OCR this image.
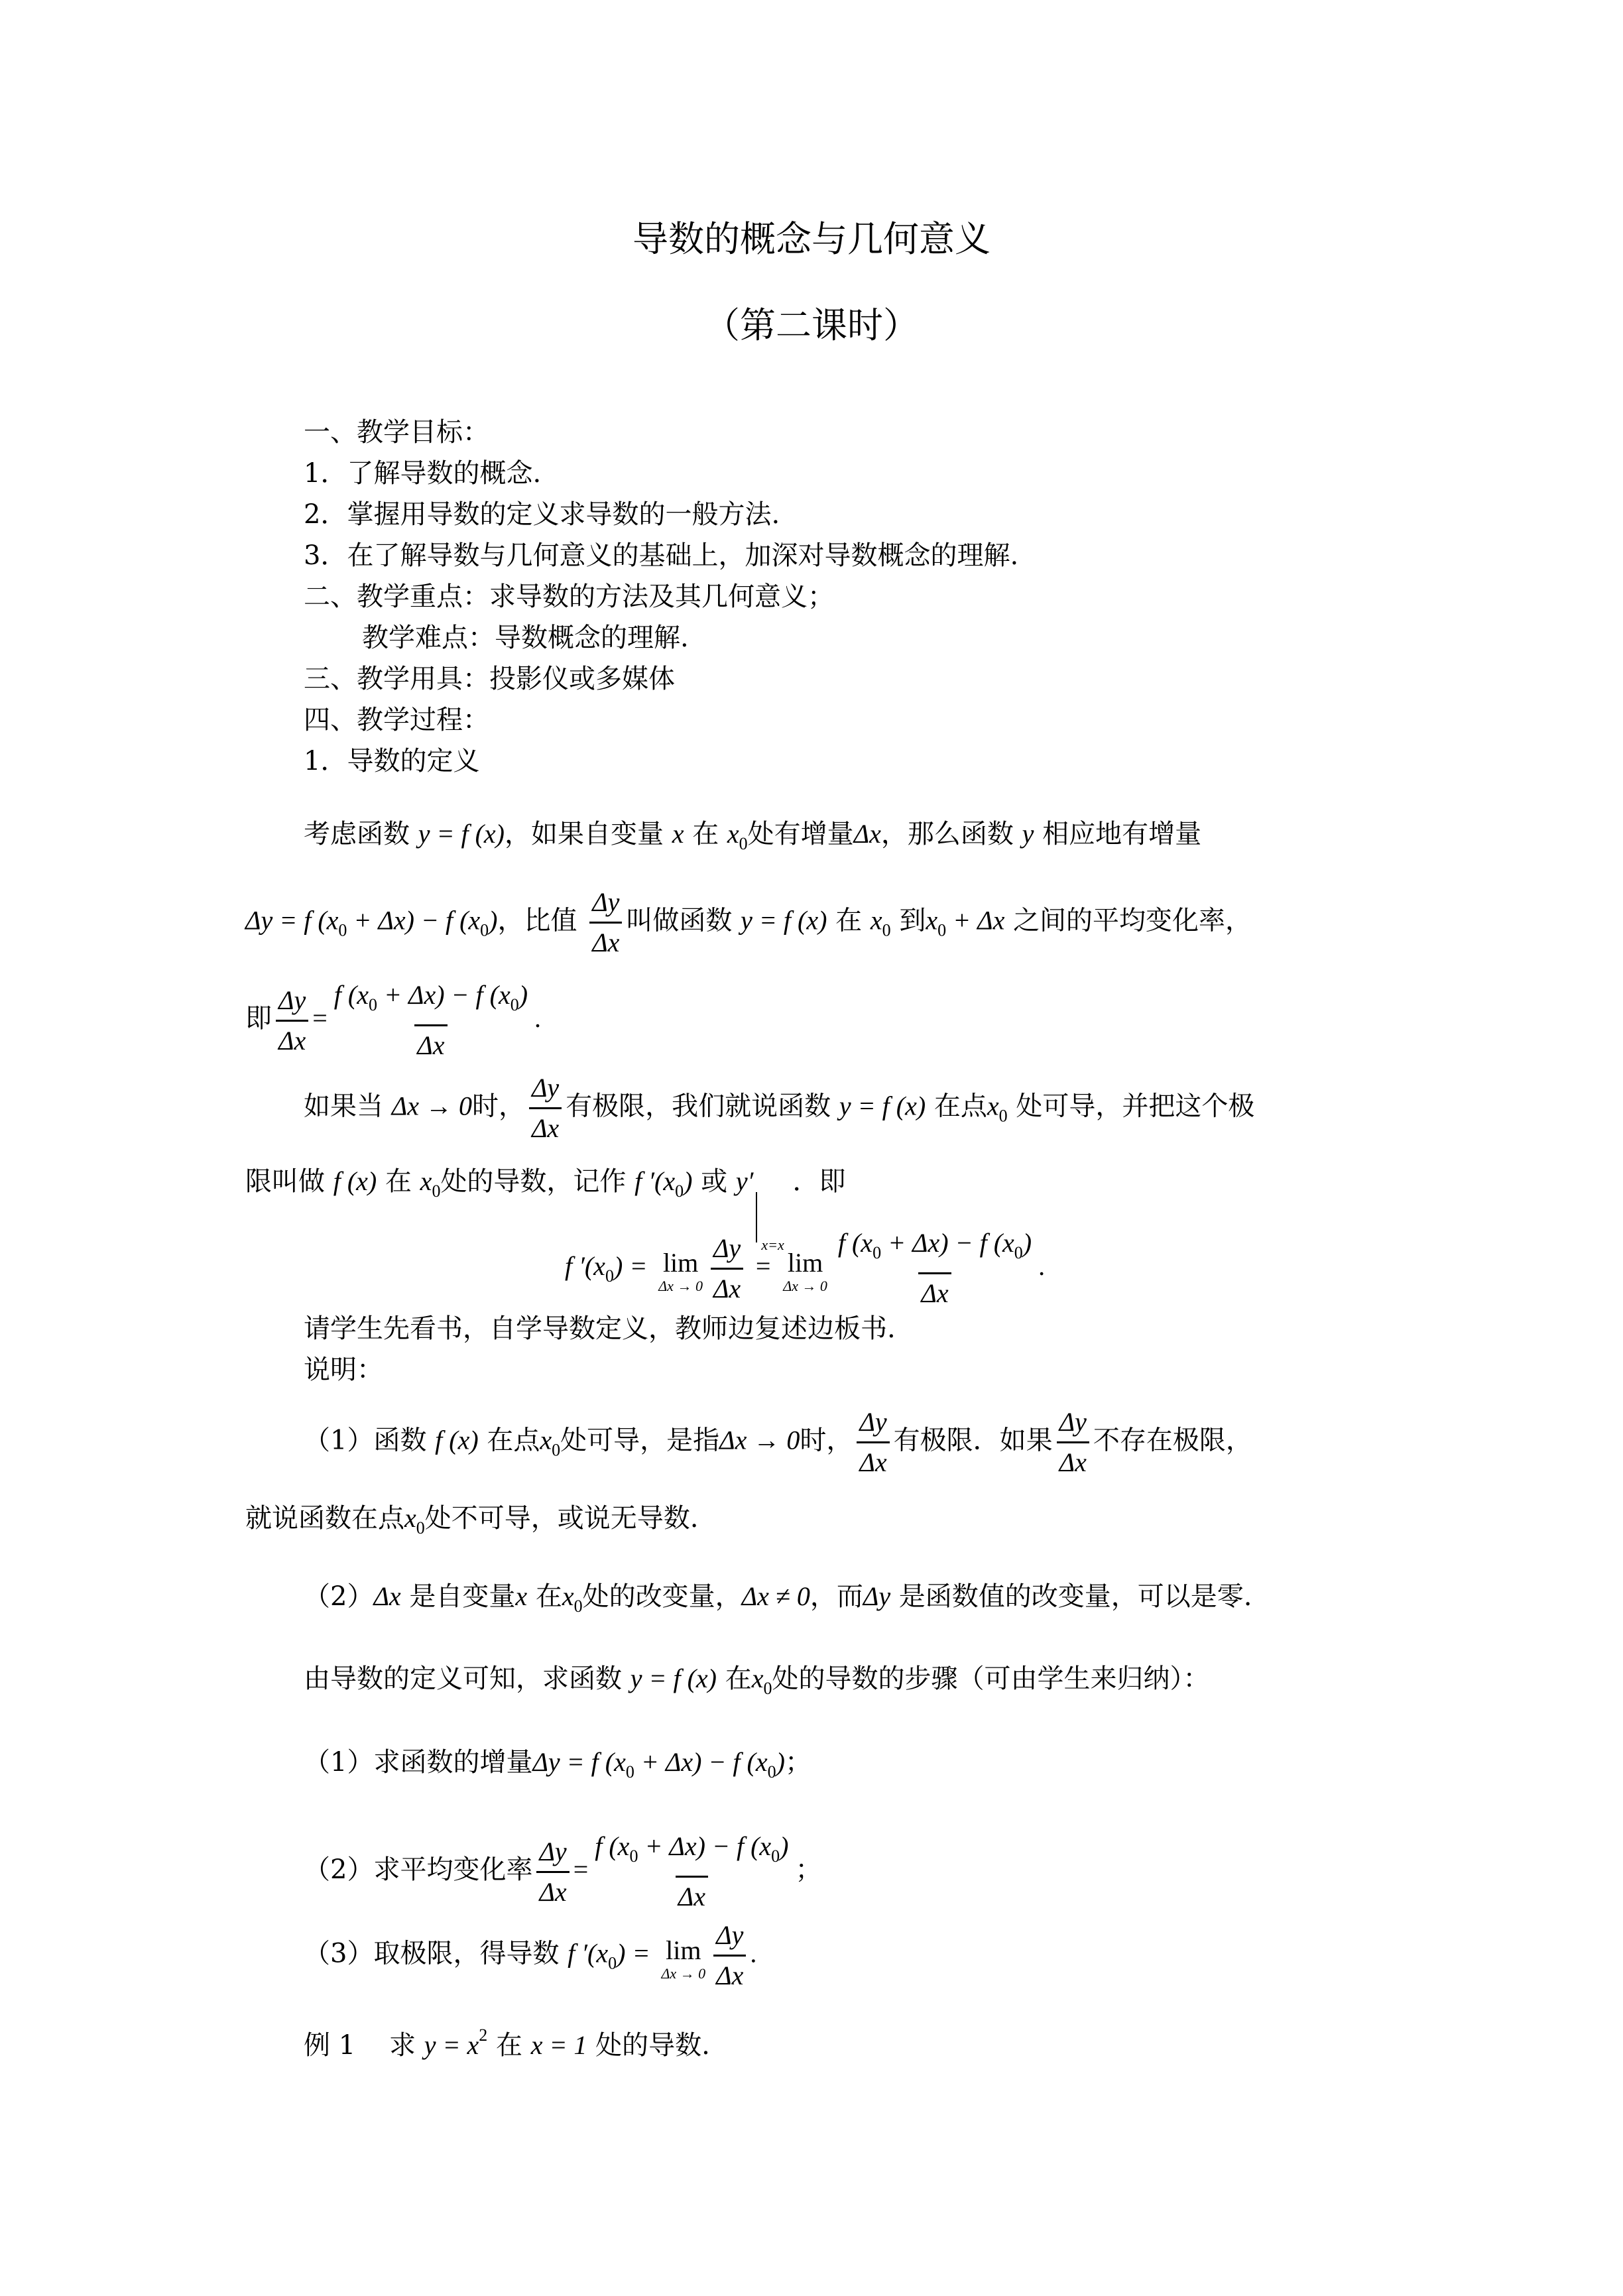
导数的概念与几何意义
（第二课时）
一、教学目标：
1．了解导数的概念.
2．掌握用导数的定义求导数的一般方法.
3．在了解导数与几何意义的基础上，加深对导数概念的理解.
二、教学重点：求导数的方法及其几何意义；
教学难点：导数概念的理解.
三、教学用具：投影仪或多媒体
四、教学过程：
1．导数的定义
考虑函数 y = f (x)，如果自变量 x 在 $x_0$处有增量Δx，那么函数 y 相应地有增量
Δy = f $(x_0 + \Delta x) - f$ $(x_0)$，比值 $\frac{\Delta y}{\Delta x}$ 叫做函数 y = f (x) 在 $x_0$ 到$x_0 + \Delta x$ 之间的平均变化率，
即 $\frac{\Delta y}{\Delta x} = \frac{f (x_0 + \Delta x) - f (x_0)}{\Delta x}$ .
如果当 Δx → 0时， $\frac{\Delta y}{\Delta x}$ 有极限，我们就说函数 y = f (x) 在点$x_0$ 处可导，并把这个极
限叫做 f (x) 在 $x_0$处的导数，记作 f $'(x_0)$ 或 $y'_{x=x}$ ．即
f $'(x_0) = \lim$
$\Delta x \to 0 \frac{\Delta y}{\Delta x} = \lim$
$\Delta x \to 0 \frac{f (x_0 + \Delta x) - f (x_0)}{\Delta x}$ .
请学生先看书，自学导数定义，教师边复述边板书.
说明：
（1）函数 f (x) 在点$x_0$处可导，是指Δx → 0时， $\frac{\Delta y}{\Delta x}$ 有极限．如果 $\frac{\Delta y}{\Delta x}$ 不存在极限，
就说函数在点$x_0$处不可导，或说无导数.
（2）Δx 是自变量x 在$x_0$处的改变量，Δx ≠ 0，而Δy 是函数值的改变量，可以是零.
由导数的定义可知，求函数 y = f (x) 在$x_0$处的导数的步骤（可由学生来归纳）：
（1）求函数的增量Δy = f $(x_0 + \Delta x) - f$ $(x_0)$；
（2）求平均变化率 $\frac{\Delta y}{\Delta x} = \frac{f (x_0 + \Delta x) - f (x_0)}{\Delta x}$ ；
（3）取极限，得导数 f $'(x_0) = \lim$
$\Delta x \to 0 \frac{\Delta y}{\Delta x}$ .
例 1 求 $y = x^2$ 在 x = 1 处的导数.
